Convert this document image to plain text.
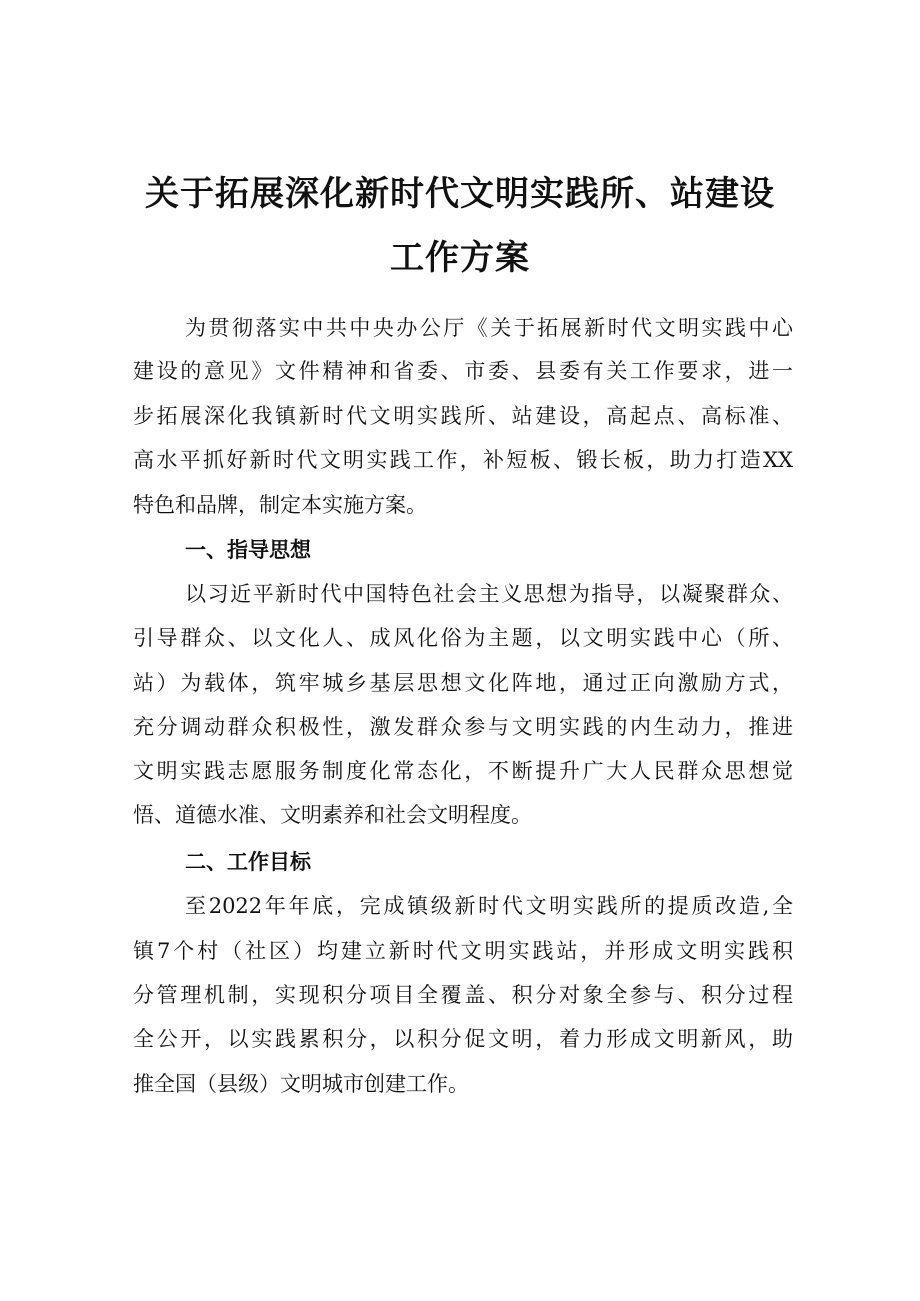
关于拓展深化新时代文明实践所、站建设
工作方案

为贯彻落实中共中央办公厅《关于拓展新时代文明实践中心

建设的意见》文件精神和省委、市委、县委有关工作要求，进一

步拓展深化我镇新时代文明实践所、站建设，高起点、高标准、

高水平抓好新时代文明实践工作，补短板、锻长板，助力打造XX

特色和品牌，制定本实施方案。

一、指导思想

以习近平新时代中国特色社会主义思想为指导，以凝聚群众、

引导群众、以文化人、成风化俗为主题，以文明实践中心（所、

站）为载体，筑牢城乡基层思想文化阵地，通过正向激励方式，

充分调动群众积极性，激发群众参与文明实践的内生动力，推进

文明实践志愿服务制度化常态化，不断提升广大人民群众思想觉

悟、道德水准、文明素养和社会文明程度。

二、工作目标

至2022年年底，完成镇级新时代文明实践所的提质改造,全

镇7个村（社区）均建立新时代文明实践站，并形成文明实践积

分管理机制，实现积分项目全覆盖、积分对象全参与、积分过程

全公开，以实践累积分，以积分促文明，着力形成文明新风，助

推全国（县级）文明城市创建工作。
